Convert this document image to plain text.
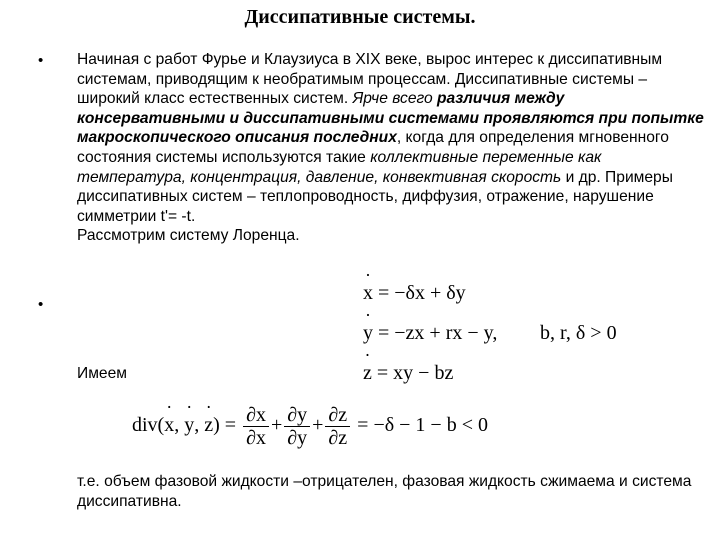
Диссипативные системы.
•
•
Начиная с работ Фурье и Клаузиуса в XIX веке, вырос интерес к диссипативным системам, приводящим к необратимым процессам. Диссипативные системы – широкий класс естественных систем. Ярче всего различия между консервативными и диссипативными системами проявляются при попытке макроскопического описания последних, когда для определения мгновенного состояния системы используются такие коллективные переменные как температура, концентрация, давление, конвективная скорость и др. Примеры диссипативных систем – теплопроводность, диффузия, отражение, нарушение симметрии t'= -t.
Рассмотрим систему Лоренца.
x ˙ = −δx + δy
y ˙ = −zx + rx − y, b, r, δ > 0
Имеем	z ˙ = xy − bz
div(x ˙, y ˙, z ˙) = $\frac{\partial x}{\partial x} + \frac{\partial y}{\partial y} + \frac{\partial z}{\partial z} = -\delta - 1 - b < 0$
т.е. объем фазовой жидкости –отрицателен, фазовая жидкость сжимаема и система диссипативна.
